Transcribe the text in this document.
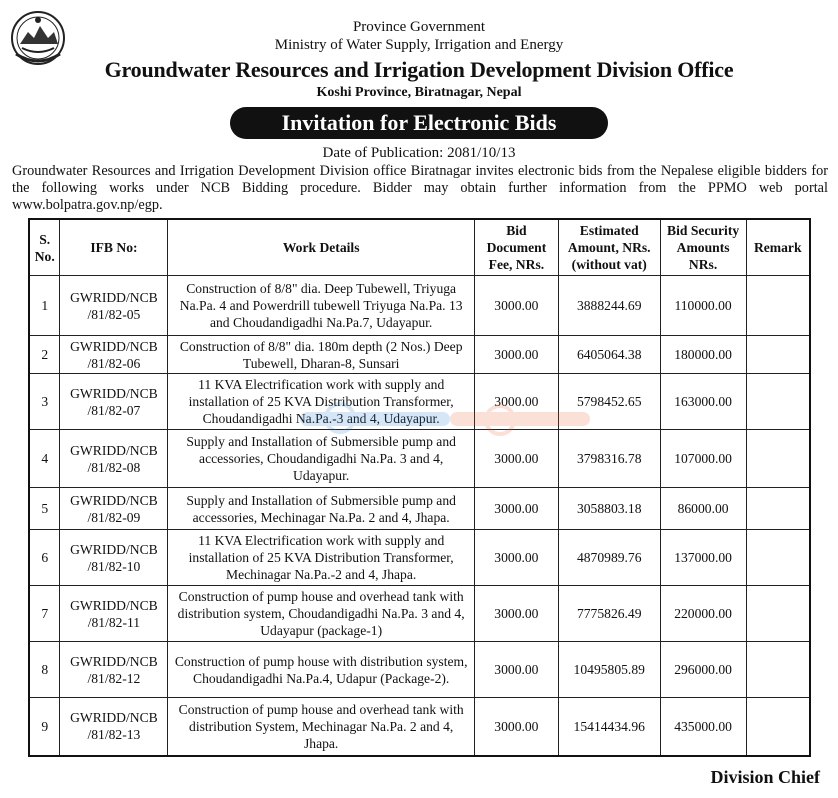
Province Government
Ministry of Water Supply, Irrigation and Energy
Groundwater Resources and Irrigation Development Division Office
Koshi Province, Biratnagar, Nepal
Invitation for Electronic Bids
Date of Publication: 2081/10/13
Groundwater Resources and Irrigation Development Division office Biratnagar invites electronic bids from the Nepalese eligible bidders for the following works under NCB Bidding procedure. Bidder may obtain further information from the PPMO web portal www.bolpatra.gov.np/egp.
S. No.	IFB No:	Work Details	Bid Document Fee, NRs.	Estimated Amount, NRs. (without vat)	Bid Security Amounts NRs.	Remark
1	GWRIDD/NCB /81/82-05	Construction of 8/8" dia. Deep Tubewell, Triyuga Na.Pa. 4 and Powerdrill tubewell Triyuga Na.Pa. 13 and Choudandigadhi Na.Pa.7, Udayapur.	3000.00	3888244.69	110000.00	
2	GWRIDD/NCB /81/82-06	Construction of 8/8" dia. 180m depth (2 Nos.) Deep Tubewell, Dharan-8, Sunsari	3000.00	6405064.38	180000.00	
3	GWRIDD/NCB /81/82-07	11 KVA Electrification work with supply and installation of 25 KVA Distribution Transformer, Choudandigadhi Na.Pa.-3 and 4, Udayapur.	3000.00	5798452.65	163000.00	
4	GWRIDD/NCB /81/82-08	Supply and Installation of Submersible pump and accessories, Choudandigadhi Na.Pa. 3 and 4, Udayapur.	3000.00	3798316.78	107000.00	
5	GWRIDD/NCB /81/82-09	Supply and Installation of Submersible pump and accessories, Mechinagar Na.Pa. 2 and 4, Jhapa.	3000.00	3058803.18	86000.00	
6	GWRIDD/NCB /81/82-10	11 KVA Electrification work with supply and installation of 25 KVA Distribution Transformer, Mechinagar Na.Pa.-2 and 4, Jhapa.	3000.00	4870989.76	137000.00	
7	GWRIDD/NCB /81/82-11	Construction of pump house and overhead tank with distribution system, Choudandigadhi Na.Pa. 3 and 4, Udayapur (package-1)	3000.00	7775826.49	220000.00	
8	GWRIDD/NCB /81/82-12	Construction of pump house with distribution system, Choudandigadhi Na.Pa.4, Udapur (Package-2).	3000.00	10495805.89	296000.00	
9	GWRIDD/NCB /81/82-13	Construction of pump house and overhead tank with distribution System, Mechinagar Na.Pa. 2 and 4, Jhapa.	3000.00	15414434.96	435000.00	
Division Chief
